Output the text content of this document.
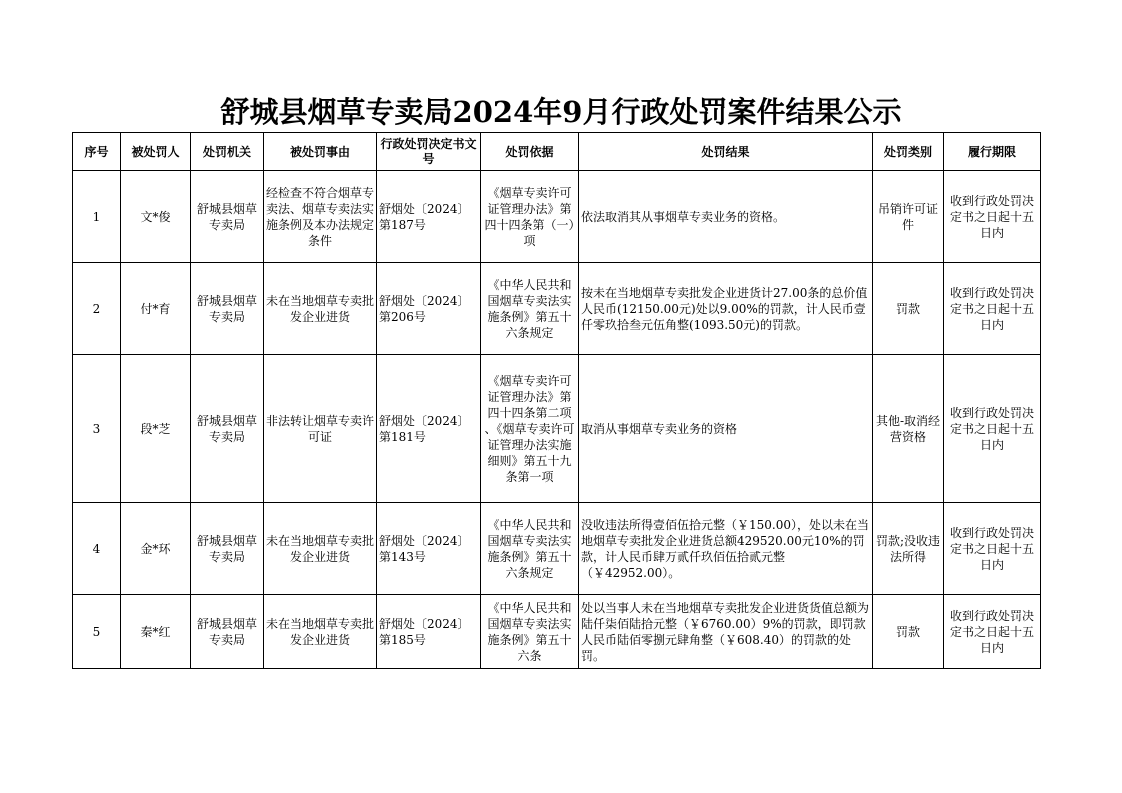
舒城县烟草专卖局2024年9月行政处罚案件结果公示
序号	被处罚人	处罚机关	被处罚事由	行政处罚决定书文号	处罚依据	处罚结果	处罚类别	履行期限
1	文*俊	舒城县烟草专卖局	经检查不符合烟草专卖法、烟草专卖法实施条例及本办法规定条件	舒烟处〔2024〕第187号	《烟草专卖许可证管理办法》第四十四条第（一）项	依法取消其从事烟草专卖业务的资格。	吊销许可证件	收到行政处罚决定书之日起十五日内
2	付*育	舒城县烟草专卖局	未在当地烟草专卖批发企业进货	舒烟处〔2024〕第206号	《中华人民共和国烟草专卖法实施条例》第五十六条规定	按未在当地烟草专卖批发企业进货计27.00条的总价值人民币(12150.00元)处以9.00%的罚款，计人民币壹仟零玖拾叁元伍角整(1093.50元)的罚款。	罚款	收到行政处罚决定书之日起十五日内
3	段*芝	舒城县烟草专卖局	非法转让烟草专卖许可证	舒烟处〔2024〕第181号	《烟草专卖许可证管理办法》第四十四条第二项 、《烟草专卖许可证管理办法实施细则》第五十九条第一项	取消从事烟草专卖业务的资格	其他-取消经营资格	收到行政处罚决定书之日起十五日内
4	金*环	舒城县烟草专卖局	未在当地烟草专卖批发企业进货	舒烟处〔2024〕第143号	《中华人民共和国烟草专卖法实施条例》第五十六条规定	没收违法所得壹佰伍拾元整（￥150.00），处以未在当地烟草专卖批发企业进货总额429520.00元10%的罚款，计人民币肆万贰仟玖佰伍拾贰元整（￥42952.00）。	罚款;没收违法所得	收到行政处罚决定书之日起十五日内
5	秦*红	舒城县烟草专卖局	未在当地烟草专卖批发企业进货	舒烟处〔2024〕第185号	《中华人民共和国烟草专卖法实施条例》第五十六条	处以当事人未在当地烟草专卖批发企业进货货值总额为陆仟柒佰陆拾元整（￥6760.00）9%的罚款，即罚款人民币陆佰零捌元肆角整（￥608.40）的罚款的处罚。	罚款	收到行政处罚决定书之日起十五日内
